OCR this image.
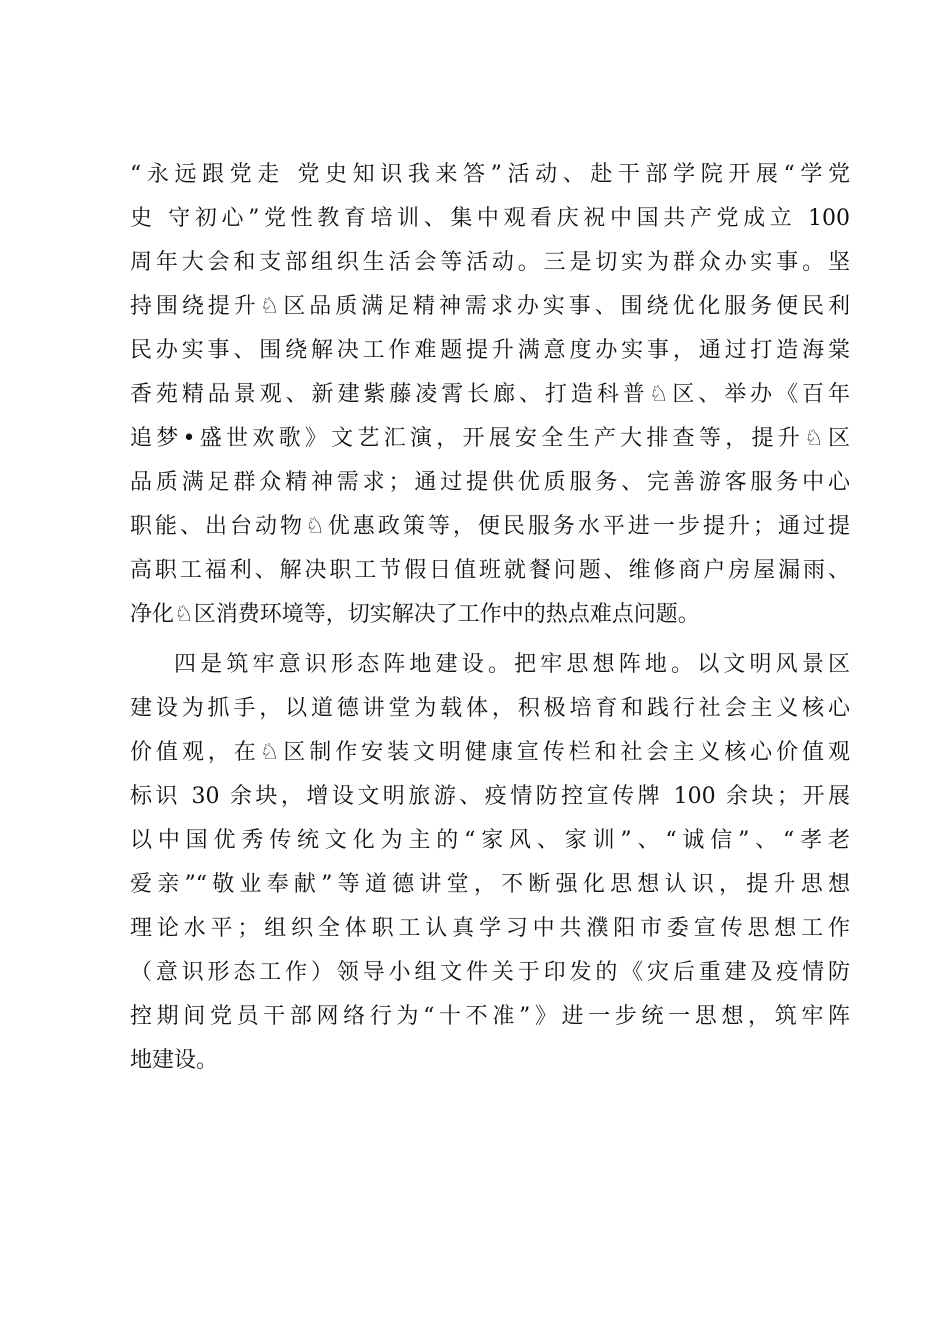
“永远跟党走 党史知识我来答”活动、赴干部学院开展“学党
史 守初心”党性教育培训、集中观看庆祝中国共产党成立 100
周年大会和支部组织生活会等活动。三是切实为群众办实事。坚
持围绕提升♘区品质满足精神需求办实事、围绕优化服务便民利
民办实事、围绕解决工作难题提升满意度办实事，通过打造海棠
香苑精品景观、新建紫藤凌霄长廊、打造科普♘区、举办《百年
追梦•盛世欢歌》文艺汇演，开展安全生产大排查等，提升♘区
品质满足群众精神需求；通过提供优质服务、完善游客服务中心
职能、出台动物♘优惠政策等，便民服务水平进一步提升；通过提
高职工福利、解决职工节假日值班就餐问题、维修商户房屋漏雨、
净化♘区消费环境等，切实解决了工作中的热点难点问题。
四是筑牢意识形态阵地建设。把牢思想阵地。以文明风景区
建设为抓手，以道德讲堂为载体，积极培育和践行社会主义核心
价值观，在♘区制作安装文明健康宣传栏和社会主义核心价值观
标识 30 余块，增设文明旅游、疫情防控宣传牌 100 余块；开展
以中国优秀传统文化为主的“家风、家训”、“诚信”、“孝老
爱亲”“敬业奉献”等道德讲堂，不断强化思想认识，提升思想
理论水平；组织全体职工认真学习中共濮阳市委宣传思想工作
（意识形态工作）领导小组文件关于印发的《灾后重建及疫情防
控期间党员干部网络行为“十不准”》进一步统一思想，筑牢阵
地建设。
